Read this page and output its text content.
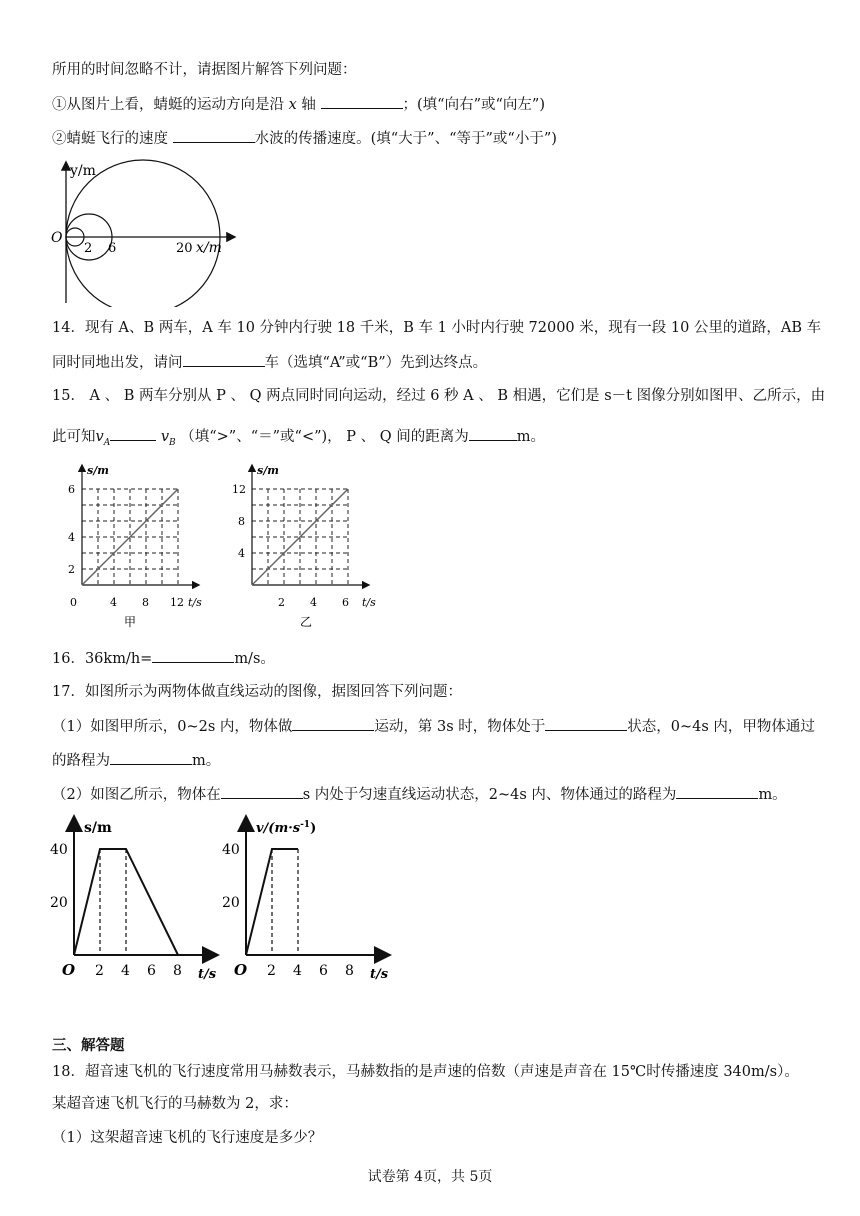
所用的时间忽略不计，请据图片解答下列问题：
①从图片上看，蜻蜓的运动方向是沿 x 轴	；(填“向右”或“向左”)
②蜻蜓飞行的速度	水波的传播速度。(填“大于”、“等于”或“小于”)
y/m
O
2 6	20 x/m
14．现有 A、B 两车，A 车 10 分钟内行驶 18 千米，B 车 1 小时内行驶 72000 米，现有一段 10 公里的道路，AB 车
同时同地出发，请问	车（选填“A”或“B”）先到达终点。
15． A 、 B 两车分别从 P 、 Q 两点同时同向运动，经过 6 秒 A 、 B 相遇，它们是 s－t 图像分别如图甲、乙所示，由
此可知$v_A$	$v_B$ （填“>”、“＝”或“<”)， P 、 Q 间的距离为	m。
s/m
0	4 8 12 t/s
2
4
6
甲
s/m
2 4 6 t/s
4
8
12
乙
16．36km/h=	m/s。
17．如图所示为两物体做直线运动的图像，据图回答下列问题：
（1）如图甲所示，0~2s 内，物体做	运动，第 3s 时，物体处于	状态，0~4s 内，甲物体通过
的路程为	m。
（2）如图乙所示，物体在	s 内处于匀速直线运动状态，2~4s 内、物体通过的路程为	m。
s/m
40
20
O 2 4 6 8 t/s
$v/(m\cdot s^{-1})$
40
20
O 2 4 6 8 t/s
三、解答题
18．超音速飞机的飞行速度常用马赫数表示，马赫数指的是声速的倍数（声速是声音在 15℃时传播速度 340m/s）。
某超音速飞机飞行的马赫数为 2，求：
（1）这架超音速飞机的飞行速度是多少？
试卷第 4页，共 5页
